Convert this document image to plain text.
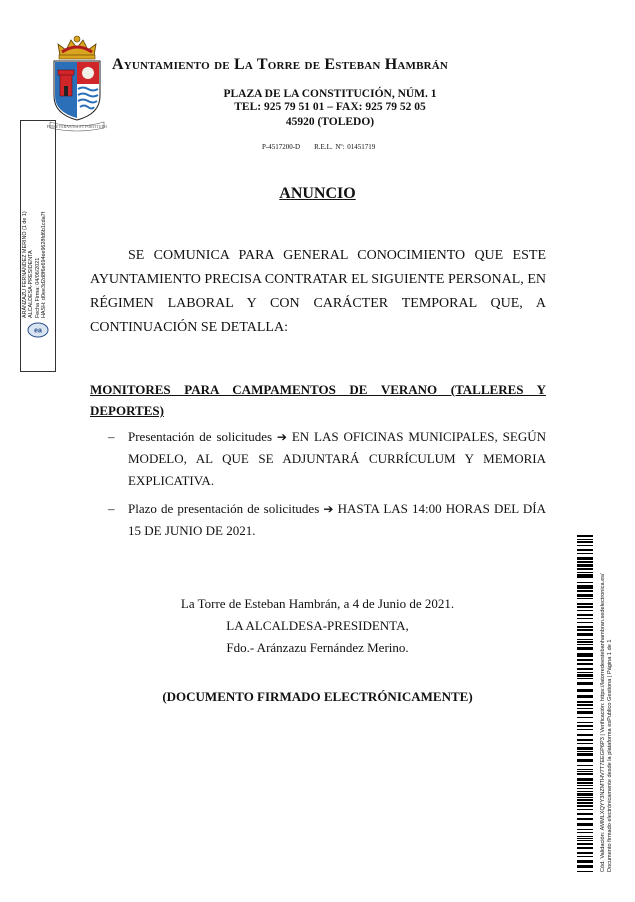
PERSEVERANTIA ET FORTITUDO
Ayuntamiento de La Torre de Esteban Hambrán
PLAZA DE LA CONSTITUCIÓN, NÚM. 1
TEL: 925 79 51 01 – FAX: 925 79 52 05
45920 (TOLEDO)
P-4517200-D R.E.L. Nº: 01451719
ARÁNZAZU FERNÁNDEZ MERINO (1 de 1) ALCALDESA-PRESIDENTA Fecha Firma: 04/06/2021 HASH: d0ee3d2d8f6e694ee9628fd6b1cda7f
ea
ANUNCIO
SE COMUNICA PARA GENERAL CONOCIMIENTO QUE ESTE AYUNTAMIENTO PRECISA CONTRATAR EL SIGUIENTE PERSONAL, EN RÉGIMEN LABORAL Y CON CARÁCTER TEMPORAL QUE, A CONTINUACIÓN SE DETALLA:
MONITORES PARA CAMPAMENTOS DE VERANO (TALLERES Y DEPORTES)
– Presentación de solicitudes ➔ EN LAS OFICINAS MUNICIPALES, SEGÚN MODELO, AL QUE SE ADJUNTARÁ CURRÍCULUM Y MEMORIA EXPLICATIVA.
– Plazo de presentación de solicitudes ➔ HASTA LAS 14:00 HORAS DEL DÍA 15 DE JUNIO DE 2021.
La Torre de Esteban Hambrán, a 4 de Junio de 2021.
LA ALCALDESA-PRESIDENTA,
Fdo.- Aránzazu Fernández Merino.
(DOCUMENTO FIRMADO ELECTRÓNICAMENTE)	Cód. Validación: AMMLXQYY3NZMTHV7T7EEGP6P3 | Verificación: https://latorredeestebanhambran.sedelectronica.es/ Documento firmado electrónicamente desde la plataforma esPublico Gestiona | Página 1 de 1
